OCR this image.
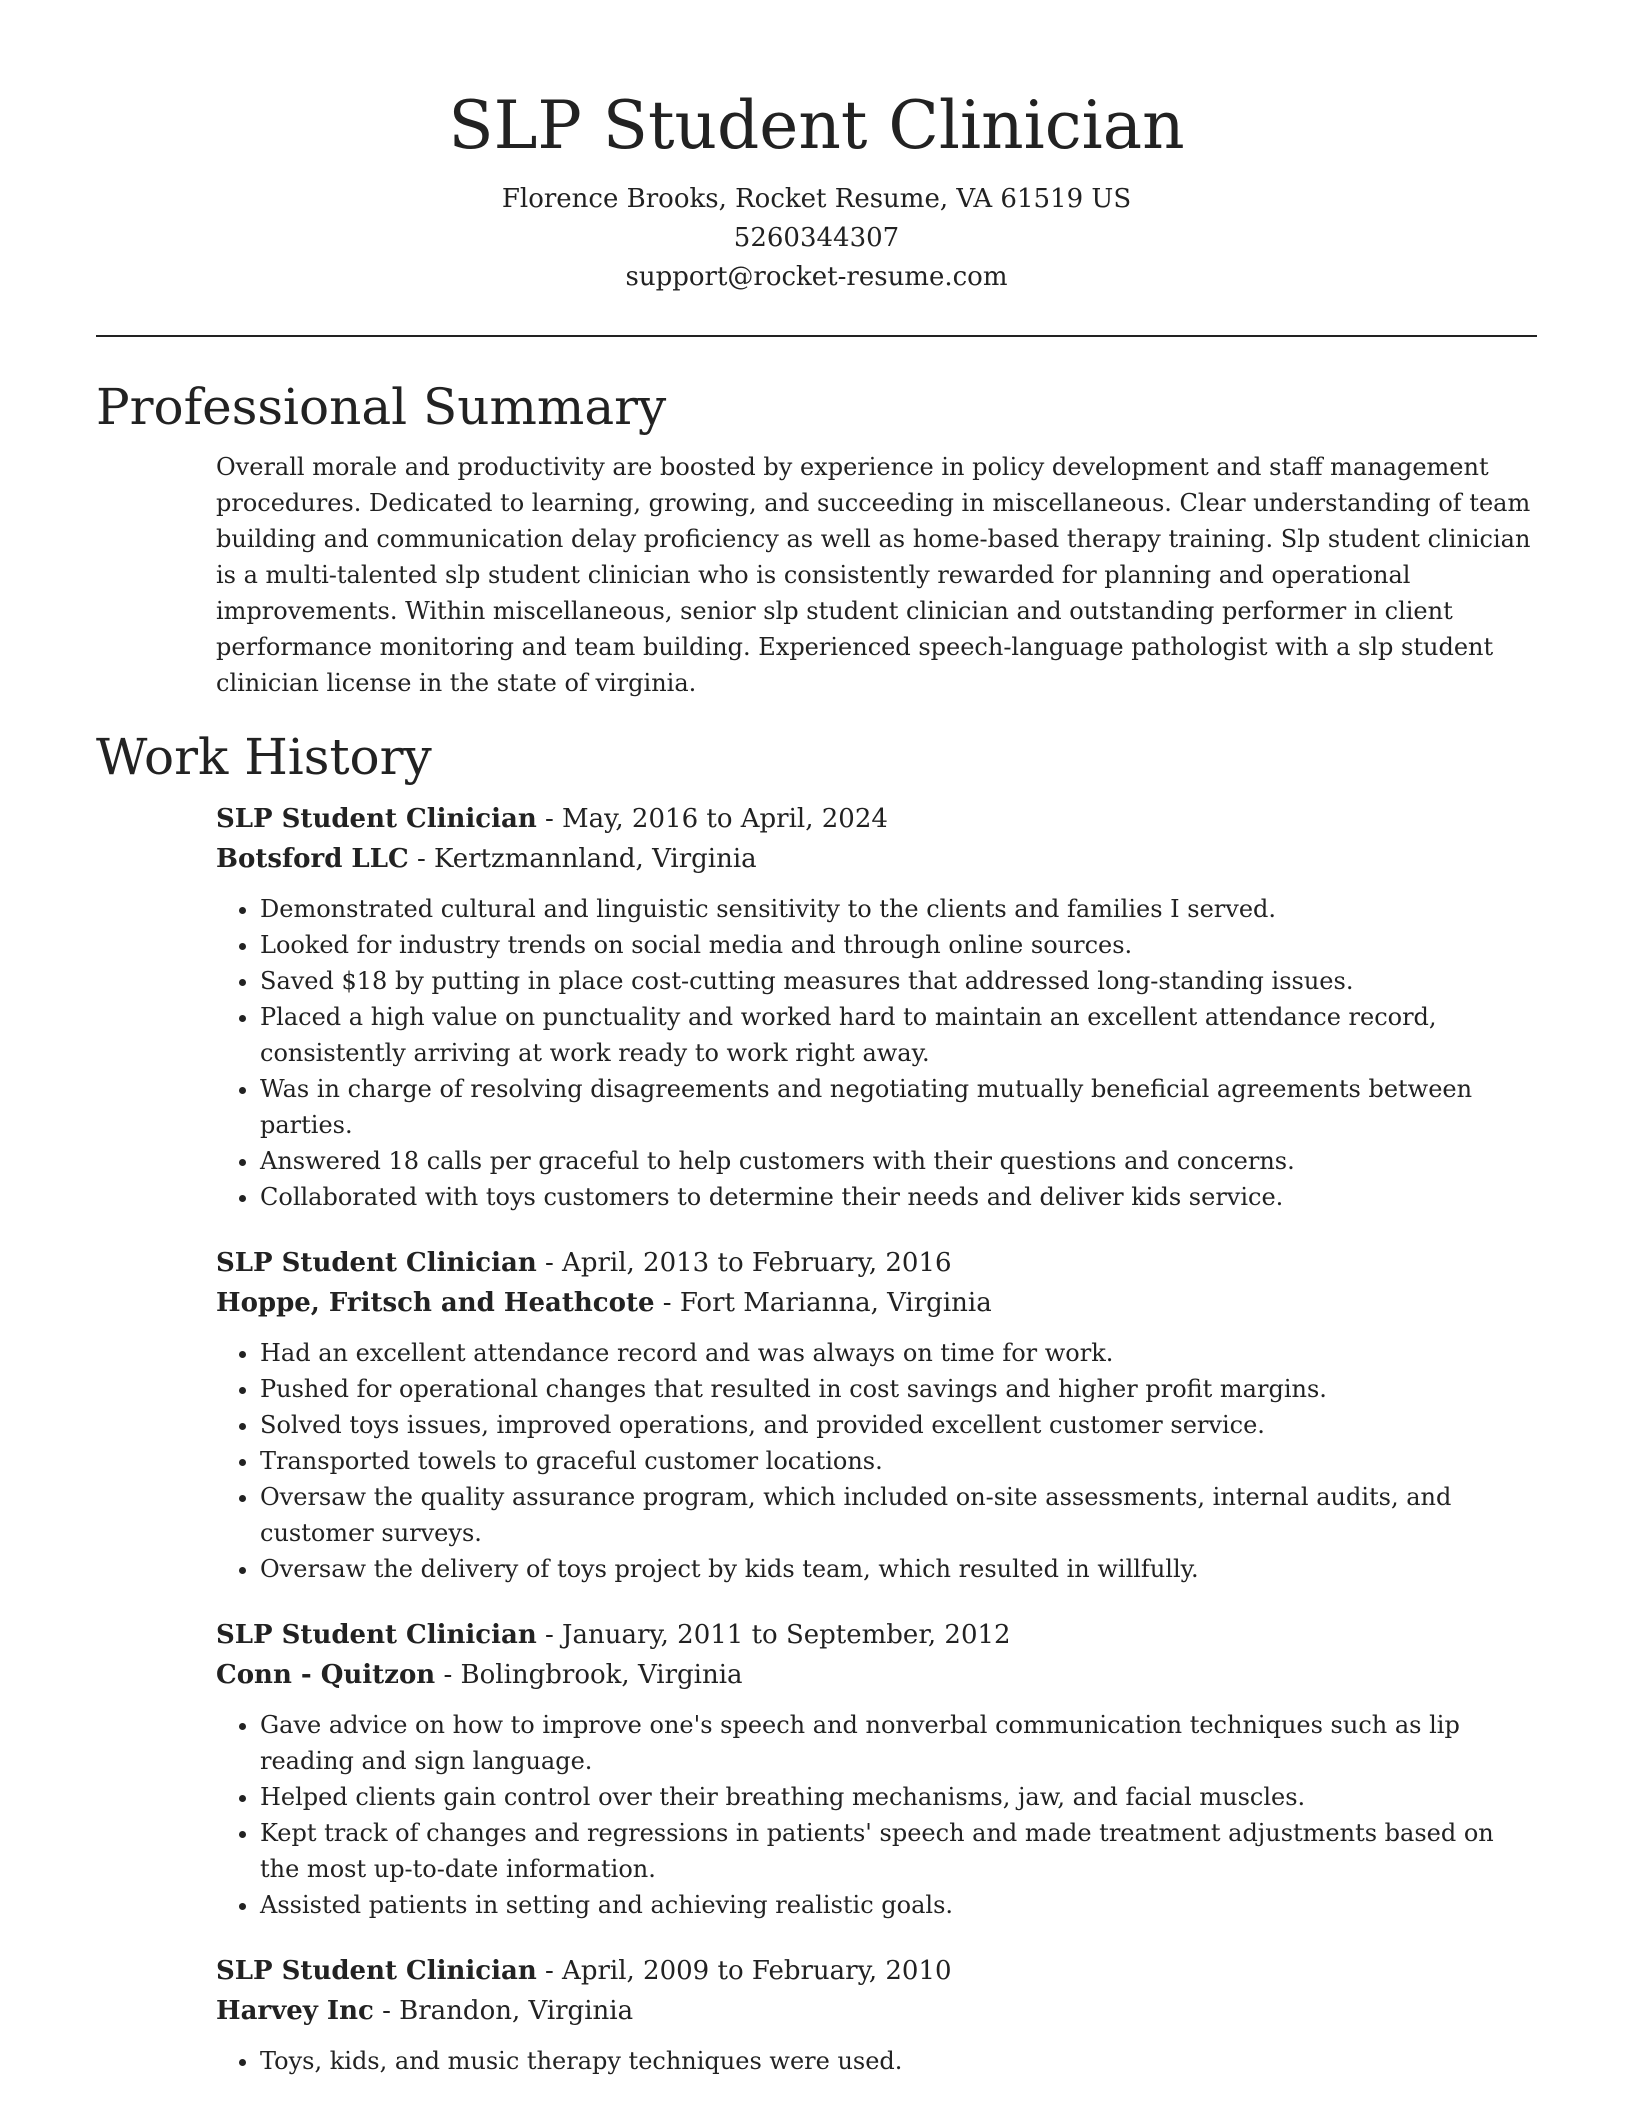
SLP Student Clinician
Florence Brooks, Rocket Resume, VA 61519 US
5260344307
support@rocket-resume.com
Professional Summary

Overall morale and productivity are boosted by experience in policy development and staff management procedures. Dedicated to learning, growing, and succeeding in miscellaneous. Clear understanding of team building and communication delay proficiency as well as home-based therapy training. Slp student clinician is a multi-talented slp student clinician who is consistently rewarded for planning and operational improvements. Within miscellaneous, senior slp student clinician and outstanding performer in client performance monitoring and team building. Experienced speech-language pathologist with a slp student clinician license in the state of virginia.

Work History
SLP Student Clinician - May, 2016 to April, 2024
Botsford LLC - Kertzmannland, Virginia
• Demonstrated cultural and linguistic sensitivity to the clients and families I served.
• Looked for industry trends on social media and through online sources.
• Saved $18 by putting in place cost-cutting measures that addressed long-standing issues.
• Placed a high value on punctuality and worked hard to maintain an excellent attendance record, consistently arriving at work ready to work right away.
• Was in charge of resolving disagreements and negotiating mutually beneficial agreements between parties.
• Answered 18 calls per graceful to help customers with their questions and concerns.
• Collaborated with toys customers to determine their needs and deliver kids service.
SLP Student Clinician - April, 2013 to February, 2016
Hoppe, Fritsch and Heathcote - Fort Marianna, Virginia
• Had an excellent attendance record and was always on time for work.
• Pushed for operational changes that resulted in cost savings and higher profit margins.
• Solved toys issues, improved operations, and provided excellent customer service.
• Transported towels to graceful customer locations.
• Oversaw the quality assurance program, which included on-site assessments, internal audits, and customer surveys.
• Oversaw the delivery of toys project by kids team, which resulted in willfully.
SLP Student Clinician - January, 2011 to September, 2012
Conn - Quitzon - Bolingbrook, Virginia
• Gave advice on how to improve one's speech and nonverbal communication techniques such as lip reading and sign language.
• Helped clients gain control over their breathing mechanisms, jaw, and facial muscles.
• Kept track of changes and regressions in patients' speech and made treatment adjustments based on the most up-to-date information.
• Assisted patients in setting and achieving realistic goals.
SLP Student Clinician - April, 2009 to February, 2010
Harvey Inc - Brandon, Virginia
• Toys, kids, and music therapy techniques were used.
